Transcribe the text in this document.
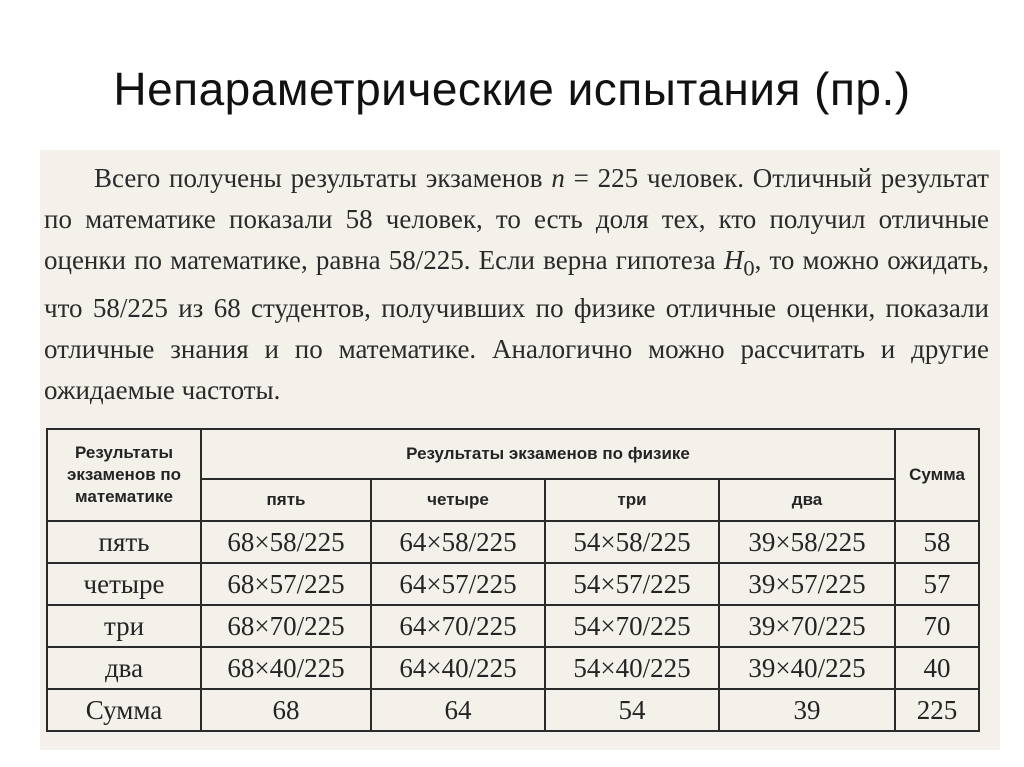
Непараметрические испытания (пр.)

Всего получены результаты экзаменов n = 225 человек. Отличный результат по математике показали 58 человек, то есть доля тех, кто получил отличные оценки по математике, равна 58/225. Если верна гипотеза $H_0$, то можно ожидать, что 58/225 из 68 студентов, получивших по физике отличные оценки, показали отличные знания и по математике. Аналогично можно рассчитать и другие ожидаемые частоты.

Результаты экзаменов по математике	Результаты экзаменов по физике				Сумма
	пять	четыре	три	два	
пять	68×58/225	64×58/225	54×58/225	39×58/225	58
четыре	68×57/225	64×57/225	54×57/225	39×57/225	57
три	68×70/225	64×70/225	54×70/225	39×70/225	70
два	68×40/225	64×40/225	54×40/225	39×40/225	40
Сумма	68	64	54	39	225
